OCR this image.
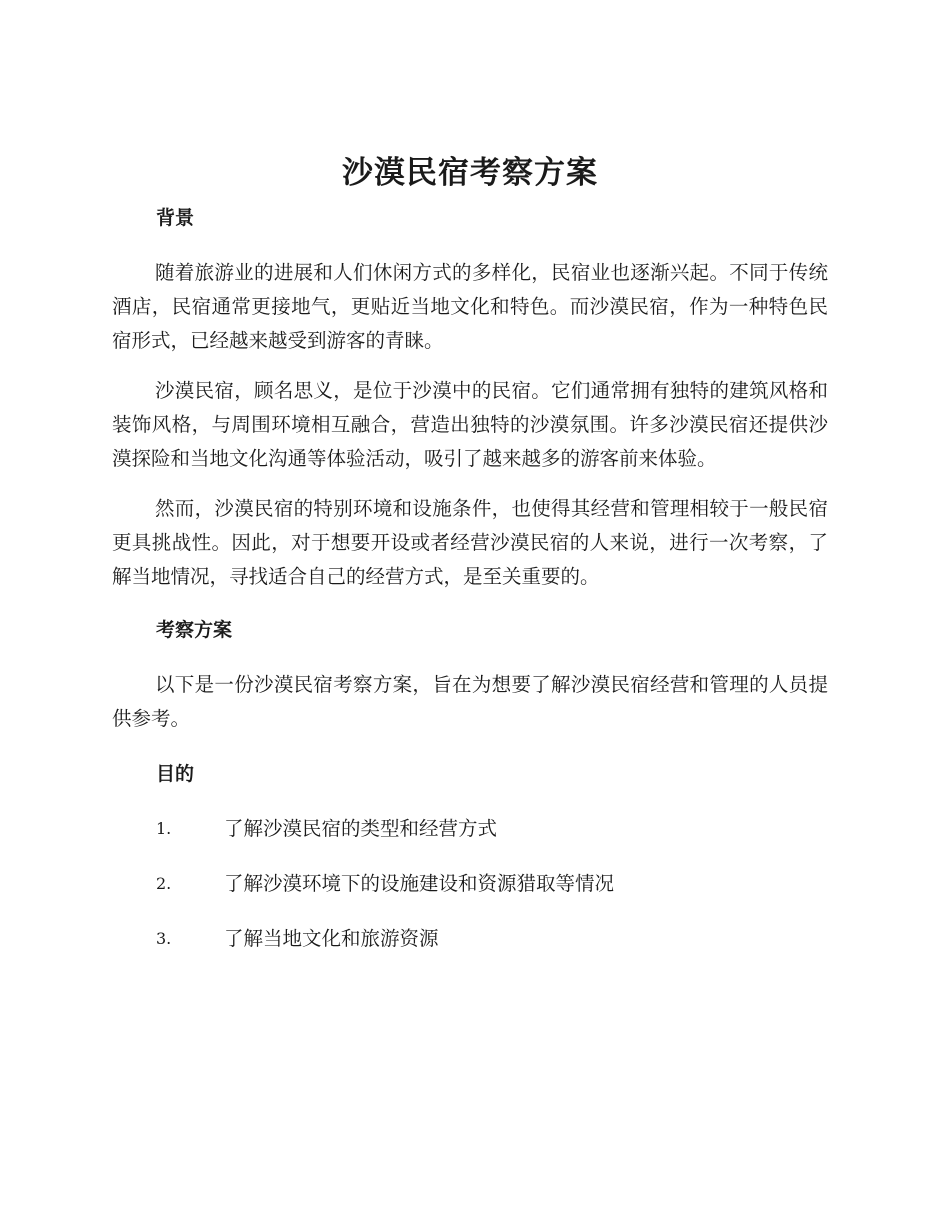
沙漠民宿考察方案
背景

随着旅游业的进展和人们休闲方式的多样化，民宿业也逐渐兴起。不同于传统酒店，民宿通常更接地气，更贴近当地文化和特色。而沙漠民宿，作为一种特色民宿形式，已经越来越受到游客的青睐。

沙漠民宿，顾名思义，是位于沙漠中的民宿。它们通常拥有独特的建筑风格和装饰风格，与周围环境相互融合，营造出独特的沙漠氛围。许多沙漠民宿还提供沙漠探险和当地文化沟通等体验活动，吸引了越来越多的游客前来体验。

然而，沙漠民宿的特别环境和设施条件，也使得其经营和管理相较于一般民宿更具挑战性。因此，对于想要开设或者经营沙漠民宿的人来说，进行一次考察，了解当地情况，寻找适合自己的经营方式，是至关重要的。

考察方案

以下是一份沙漠民宿考察方案，旨在为想要了解沙漠民宿经营和管理的人员提供参考。

目的
1.	了解沙漠民宿的类型和经营方式
2.	了解沙漠环境下的设施建设和资源猎取等情况
3.	了解当地文化和旅游资源
